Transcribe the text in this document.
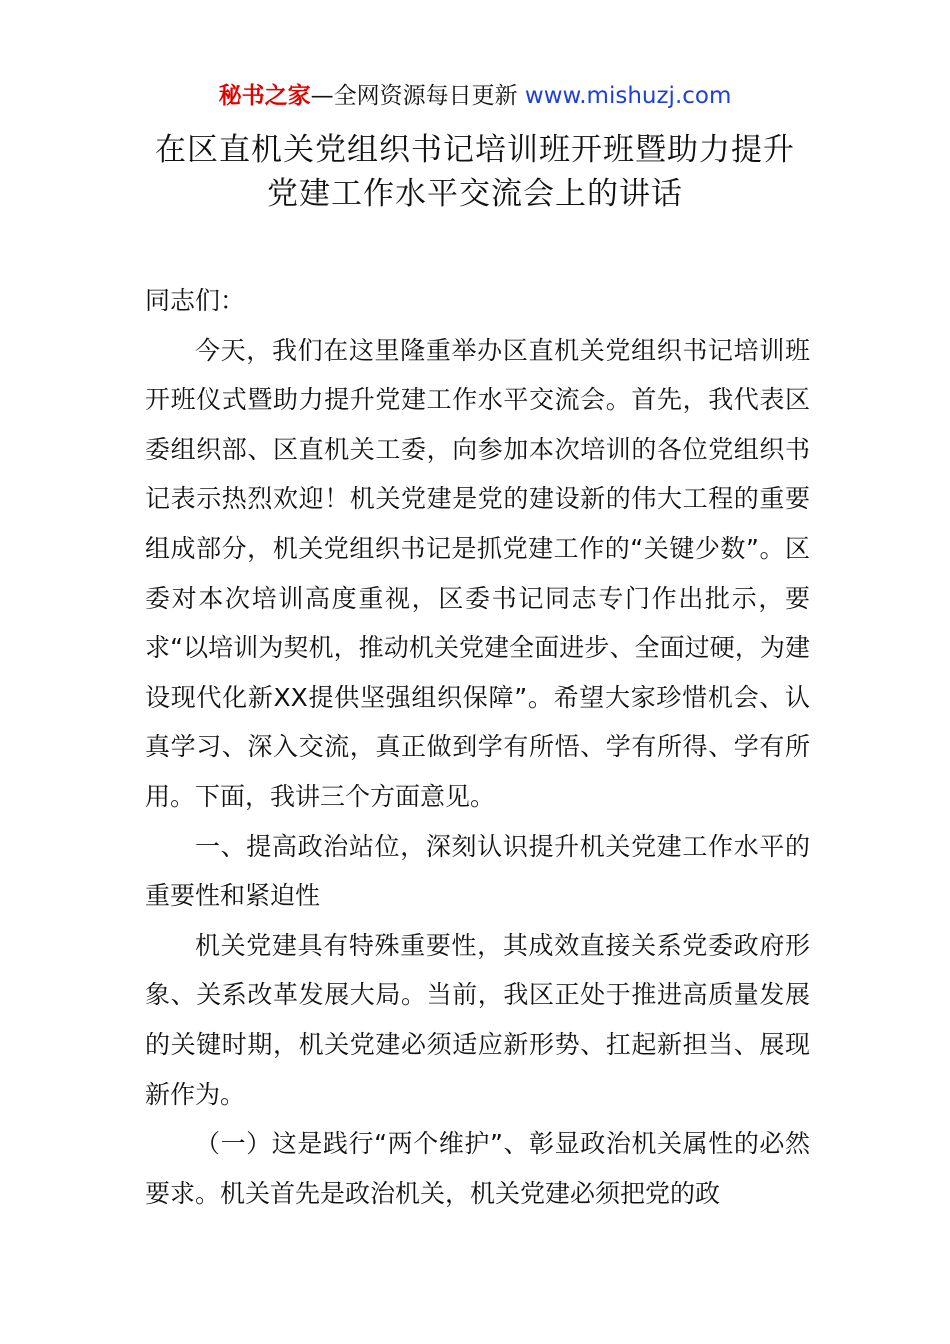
秘书之家—全网资源每日更新 www.mishuzj.com
在区直机关党组织书记培训班开班暨助力提升
党建工作水平交流会上的讲话

同志们：

今天，我们在这里隆重举办区直机关党组织书记培训班开班仪式暨助力提升党建工作水平交流会。首先，我代表区委组织部、区直机关工委，向参加本次培训的各位党组织书记表示热烈欢迎！机关党建是党的建设新的伟大工程的重要组成部分，机关党组织书记是抓党建工作的“关键少数”。区委对本次培训高度重视，区委书记同志专门作出批示，要求“以培训为契机，推动机关党建全面进步、全面过硬，为建设现代化新XX提供坚强组织保障”。希望大家珍惜机会、认真学习、深入交流，真正做到学有所悟、学有所得、学有所用。下面，我讲三个方面意见。

一、提高政治站位，深刻认识提升机关党建工作水平的重要性和紧迫性

机关党建具有特殊重要性，其成效直接关系党委政府形象、关系改革发展大局。当前，我区正处于推进高质量发展的关键时期，机关党建必须适应新形势、扛起新担当、展现新作为。

（一）这是践行“两个维护”、彰显政治机关属性的必然要求。机关首先是政治机关，机关党建必须把党的政
